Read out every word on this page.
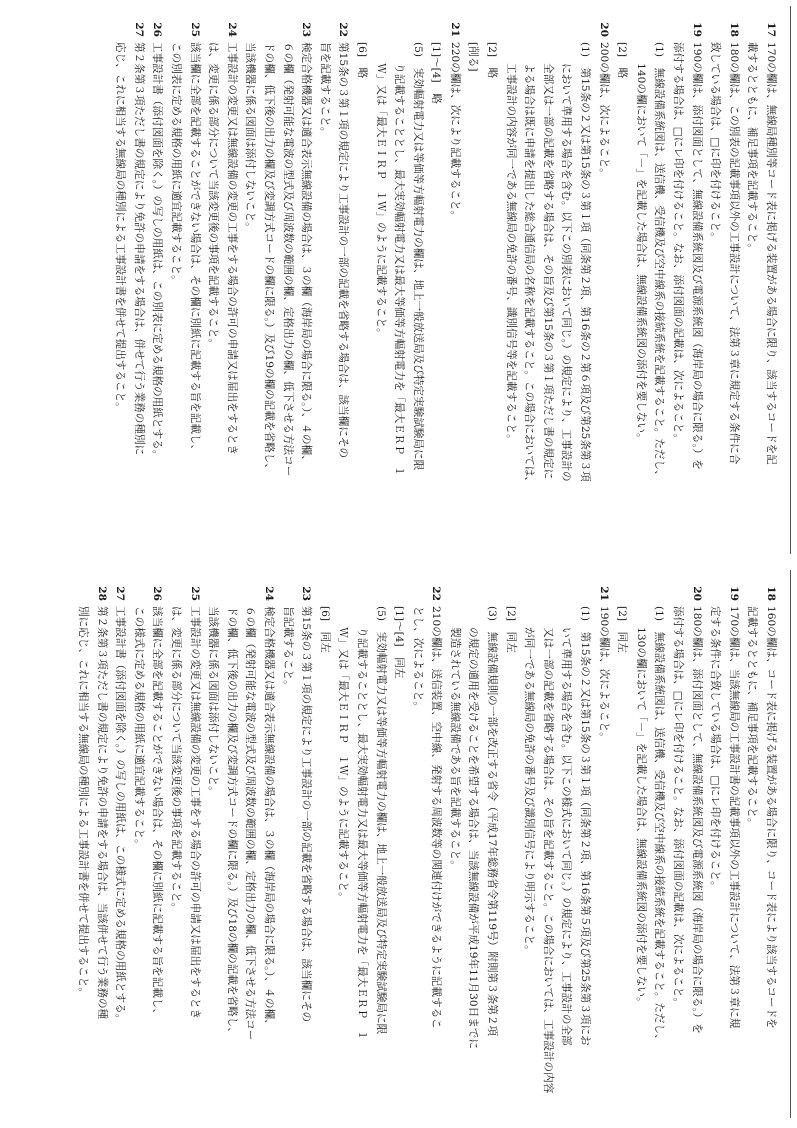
17
170の欄は、無線局種別等コード表に掲げる装置がある場合に限り、該当するコードを記
載するとともに、補足事項を記載すること。
18
180の欄は、この別表の記載事項以外の工事設計について、法第３章に規定する条件に合
致している場合は、□に印を付けること。
19
190の欄は、添付図面として、無線設備系統図及び電源系統図（海岸局の場合に限る。）を
添付する場合は、□にレ印を付けること。なお、添付図面の記載は、次によること。
(1)　無線設備系統図は、送信機、受信機及び空中線系の接続系統を記載すること。ただし、
　　140の欄において「－」を記載した場合は、無線設備系統図の添付を要しない。
[2]　略
20
200の欄は、次によること。
(1)　第15条の２又は第15条の３第１項（同条第２項、第16条の２第６項及び第25条第３項
　　において準用する場合を含む。以下この別表において同じ。）の規定により、工事設計の
　　全部又は一部の記載を省略する場合は、その旨及び第15条の３第１項ただし書の規定に
　　よる場合は既に申請を提出した総合通信局の名称を記載すること。この場合においては、
　　工事設計の内容が同一である無線局の免許の番号、識別信号等を記載すること。
[2]　略
[削る]
21
220の欄は、次により記載すること。
[1]〜[4]　略
(5)　実効輻射電力又は等価等方輻射電力の欄は、地上一般放送局及び特定実験試験局に限
　　り記載することとし、最大実効輻射電力又は最大等価等方輻射電力を「最大ＥＲＰ　１
　　Ｗ」又は「最大ＥＩＲＰ　１Ｗ」のように記載すること。
[6]　略
22
第15条の３第１項の規定により工事設計の一部の記載を省略する場合は、該当欄にその
旨を記載すること。
23
検定合格機器又は適合表示無線設備の場合は、３の欄（海岸局の場合に限る。）、４の欄、
６の欄（発射可能な電波の型式及び周波数の範囲の欄、定格出力の欄、低下させる方法コー
ドの欄、低下後の出力の欄及び変調方式コードの欄に限る。）及び19の欄の記載を省略し、
当該機器に係る図面は添付しないこと。
24
工事設計の変更又は無線設備の変更の工事をする場合の許可の申請又は届出をするとき
は、変更に係る部分について当該変更後の事項を記載すること。
25
該当欄に全部を記載することができない場合は、その欄に別紙に記載する旨を記載し、
この別表に定める規格の用紙に適宜記載すること。
26
工事設計書（添付図面を除く。）の写しの用紙は、この別表に定める規格の用紙とする。
27
第２条第３項ただし書の規定により免許の申請をする場合は、併せて行う業務の種別に
応じ、これに相当する無線局の種別による工事設計書を併せて提出すること。
18
160の欄は、コード表に掲げる装置がある場合に限り、コード表により該当するコードを
記載するとともに、補足事項を記載すること。
19
170の欄は、当該無線局の工事設計書の記載事項以外の工事設計について、法第３章に規
定する条件に合致している場合は、□にレ印を付けること。
20
180の欄は、添付図面として、無線設備系統図及び電源系統図（海岸局の場合に限る。）を
添付する場合は、□にレ印を付けること。なお、添付図面の記載は、次によること。
(1)　無線設備系統図は、送信機、受信機及び空中線系の接続系統を記載すること。ただし、
　　130の欄において「－」を記載した場合は、無線設備系統図の添付を要しない。
[2]　同左
21
190の欄は、次によること。
(1)　第15条の２又は第15条の３第１項（同条第２項、第16条第５項及び第25条第３項にお
　　いて準用する場合を含む。以下この様式において同じ。）の規定により、工事設計の全部
　　又は一部の記載を省略する場合は、その旨を記載すること。この場合においては、工事設計の内容
　　が同一である無線局の免許の番号及び識別信号により明示すること。
[2]　同左
(3)　無線設備規則の一部を改正する省令（平成17年総務省令第119号）附則第３条第２項
　　の規定の適用を受けることを希望する場合は、当該無線設備が平成19年11月30日までに
　　製造されている無線設備である旨を記載すること。
22
210の欄は、送信装置、空中線、発射する周波数等の関連付けができるように記載するこ
とし、次によること。
[1]〜[4]　同左
(5)　実効輻射電力又は等価等方輻射電力の欄は、地上一般放送局及び特定実験試験局に限
　　り記載することとし、最大実効輻射電力又は最大等価等方輻射電力を「最大ＥＲＰ　１
　　Ｗ」又は「最大ＥＩＲＰ　１Ｗ」のように記載すること。
[6]　同左
23
第15条の３第１項の規定により工事設計の一部の記載を省略する場合は、該当欄にその
旨記載すること。
24
検定合格機器又は適合表示無線設備の場合は、３の欄（海岸局の場合に限る。）、４の欄、
６の欄（発射可能な電波の型式及び周波数の範囲の欄、定格出力の欄、低下させる方法コー
ドの欄、低下後の出力の欄及び変調方式コードの欄に限る。）及び18の欄の記載を省略し、
当該機器に係る図面は添付しないこと。
25
工事設計の変更又は無線設備の変更の工事をする場合の許可の申請又は届出をするとき
は、変更に係る部分について当該変更後の事項を記載すること。
26
該当欄に全部を記載することができない場合は、その欄に別紙に記載する旨を記載し、
この様式に定める規格の用紙に適宜記載すること。
27
工事設計書（添付図面を除く。）の写しの用紙は、この様式に定める規格の用紙とする。
28
第２条第３項ただし書の規定により免許の申請をする場合は、当該併せて行う業務の種
別に応じ、これに相当する無線局の種別による工事設計書を併せて提出すること。
